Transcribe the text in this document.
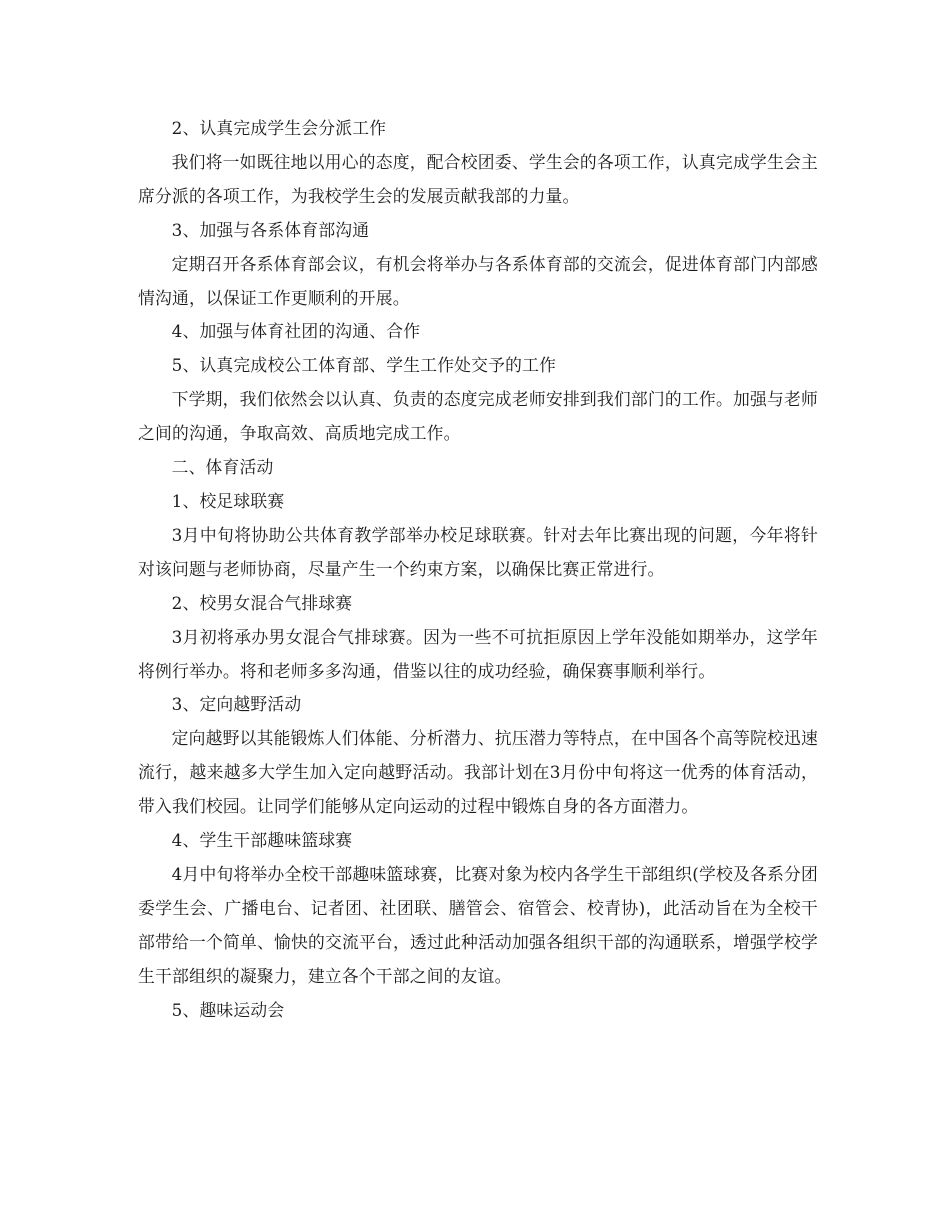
2、认真完成学生会分派工作

我们将一如既往地以用心的态度，配合校团委、学生会的各项工作，认真完成学生会主席分派的各项工作，为我校学生会的发展贡献我部的力量。

3、加强与各系体育部沟通

定期召开各系体育部会议，有机会将举办与各系体育部的交流会，促进体育部门内部感情沟通，以保证工作更顺利的开展。

4、加强与体育社团的沟通、合作

5、认真完成校公工体育部、学生工作处交予的工作

下学期，我们依然会以认真、负责的态度完成老师安排到我们部门的工作。加强与老师之间的沟通，争取高效、高质地完成工作。

二、体育活动

1、校足球联赛

3月中旬将协助公共体育教学部举办校足球联赛。针对去年比赛出现的问题，今年将针对该问题与老师协商，尽量产生一个约束方案，以确保比赛正常进行。

2、校男女混合气排球赛

3月初将承办男女混合气排球赛。因为一些不可抗拒原因上学年没能如期举办，这学年将例行举办。将和老师多多沟通，借鉴以往的成功经验，确保赛事顺利举行。

3、定向越野活动

定向越野以其能锻炼人们体能、分析潜力、抗压潜力等特点，在中国各个高等院校迅速流行，越来越多大学生加入定向越野活动。我部计划在3月份中旬将这一优秀的体育活动，带入我们校园。让同学们能够从定向运动的过程中锻炼自身的各方面潜力。

4、学生干部趣味篮球赛

4月中旬将举办全校干部趣味篮球赛，比赛对象为校内各学生干部组织(学校及各系分团委学生会、广播电台、记者团、社团联、膳管会、宿管会、校青协)，此活动旨在为全校干部带给一个简单、愉快的交流平台，透过此种活动加强各组织干部的沟通联系，增强学校学生干部组织的凝聚力，建立各个干部之间的友谊。

5、趣味运动会
